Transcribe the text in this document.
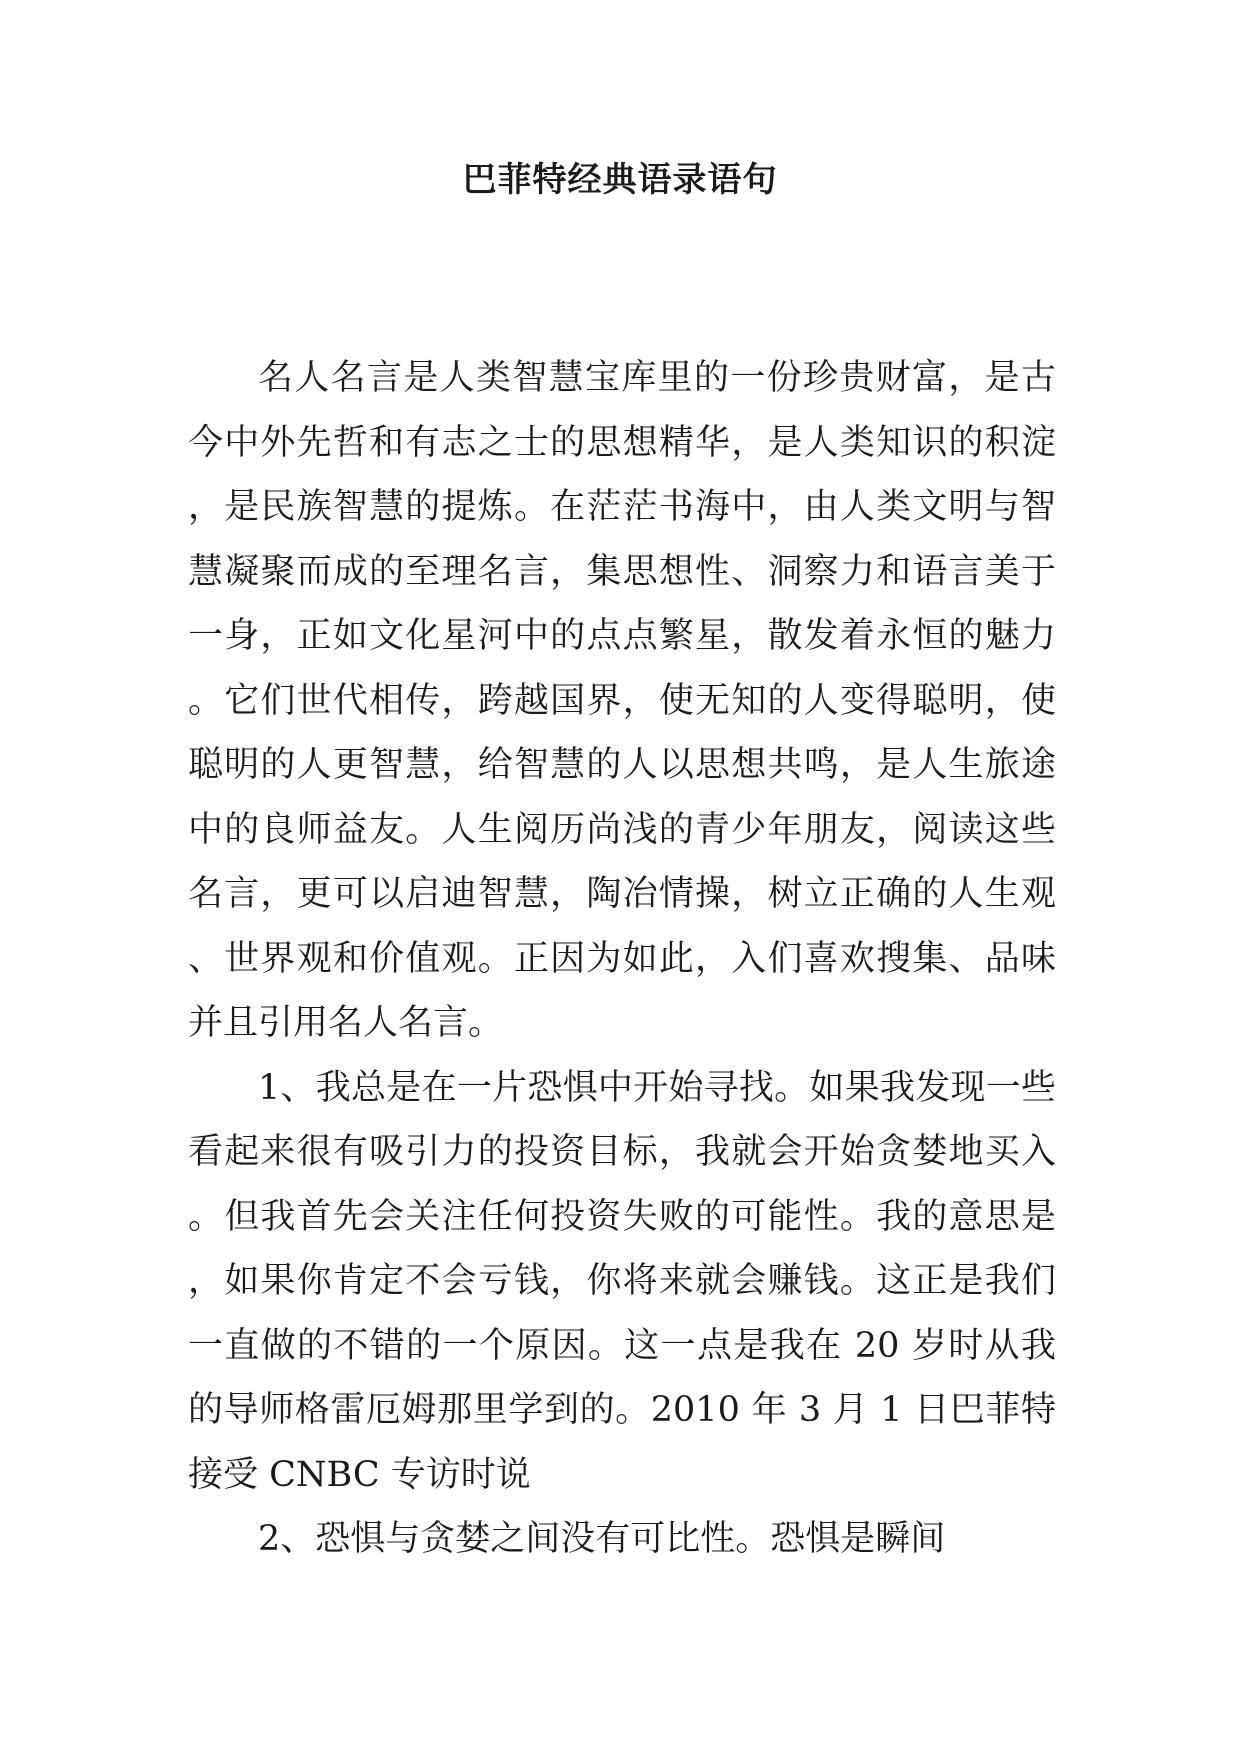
巴菲特经典语录语句

名人名言是人类智慧宝库里的一份珍贵财富，是古今中外先哲和有志之士的思想精华，是人类知识的积淀，是民族智慧的提炼。在茫茫书海中，由人类文明与智慧凝聚而成的至理名言，集思想性、洞察力和语言美于一身，正如文化星河中的点点繁星，散发着永恒的魅力。它们世代相传，跨越国界，使无知的人变得聪明，使聪明的人更智慧，给智慧的人以思想共鸣，是人生旅途中的良师益友。人生阅历尚浅的青少年朋友，阅读这些名言，更可以启迪智慧，陶冶情操，树立正确的人生观、世界观和价值观。正因为如此，入们喜欢搜集、品味并且引用名人名言。

1、我总是在一片恐惧中开始寻找。如果我发现一些看起来很有吸引力的投资目标，我就会开始贪婪地买入。但我首先会关注任何投资失败的可能性。我的意思是，如果你肯定不会亏钱，你将来就会赚钱。这正是我们一直做的不错的一个原因。这一点是我在 20 岁时从我的导师格雷厄姆那里学到的。2010 年 3 月 1 日巴菲特接受 CNBC 专访时说

2、恐惧与贪婪之间没有可比性。恐惧是瞬间
